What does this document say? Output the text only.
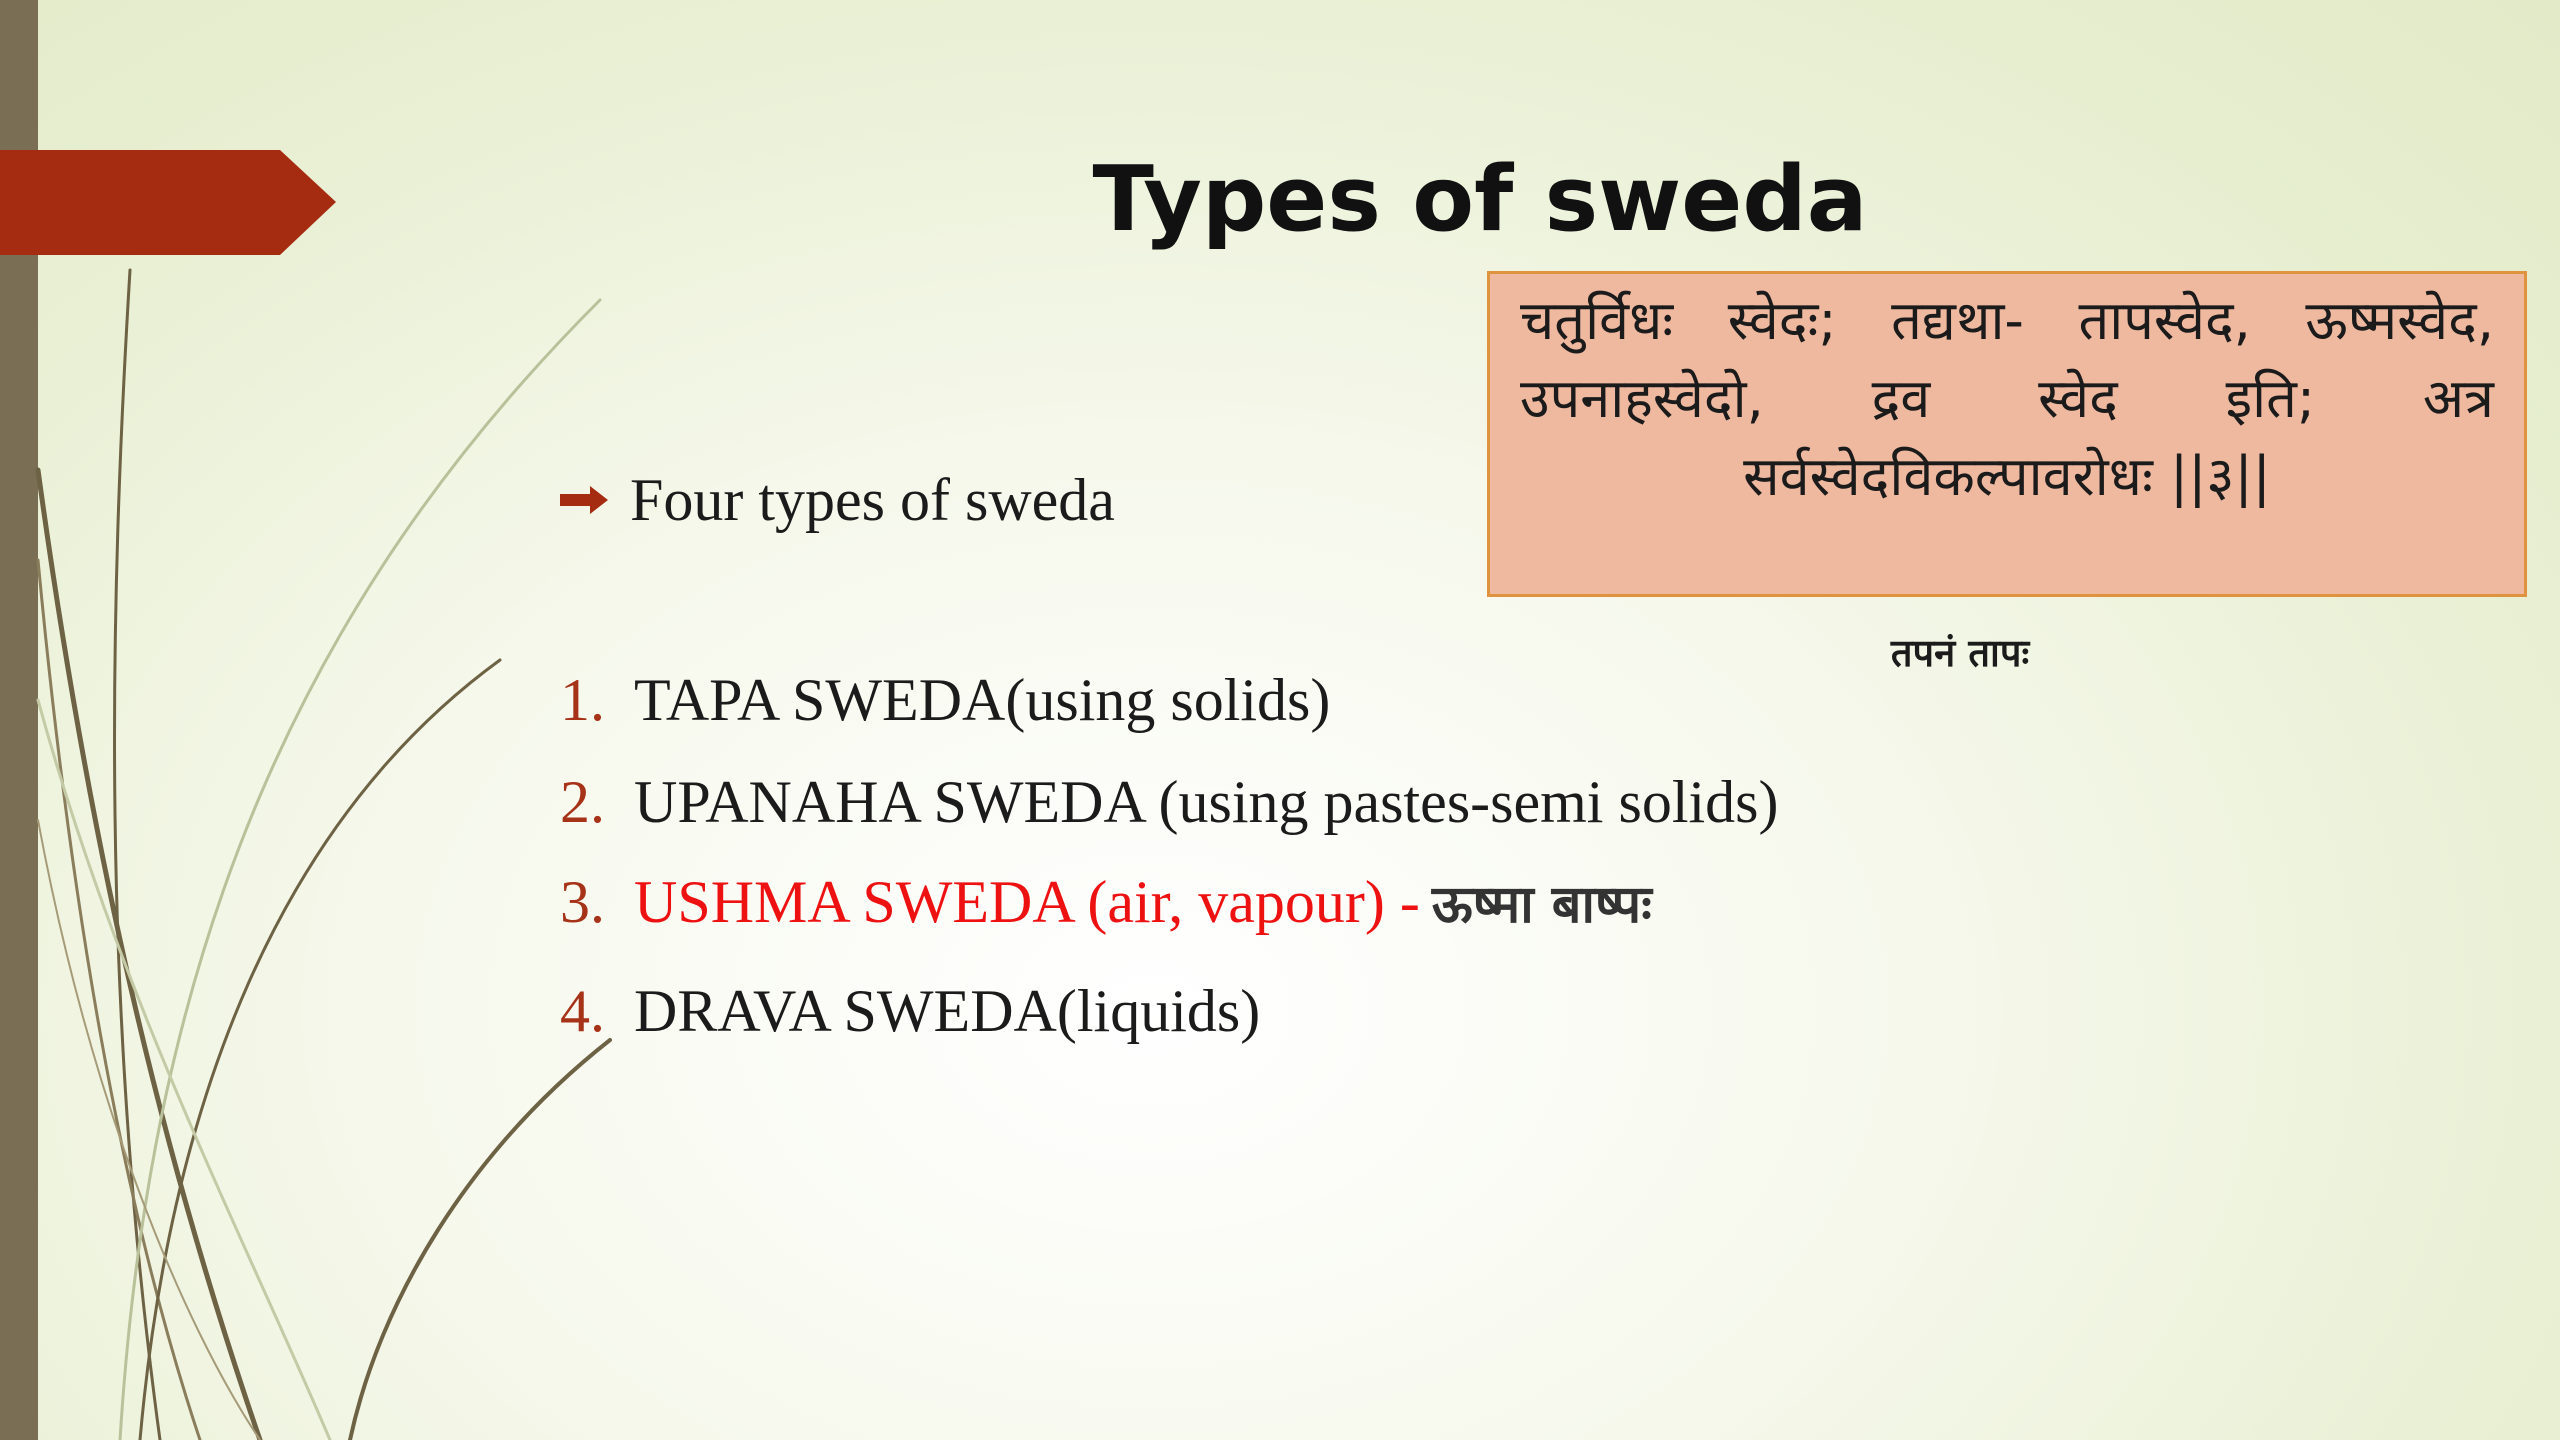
Types of sweda
चतुर्विधः स्वेदः; तद्यथा- तापस्वेद, ऊष्मस्वेद, उपनाहस्वेदो, द्रव स्वेद इति; अत्र सर्वस्वेदविकल्पावरोधः ||३||
तपनं तापः
Four types of sweda
1. TAPA SWEDA(using solids)
2. UPANAHA SWEDA (using pastes-semi solids)
3. USHMA SWEDA (air, vapour) - ऊष्मा बाष्पः
4. DRAVA SWEDA(liquids)
